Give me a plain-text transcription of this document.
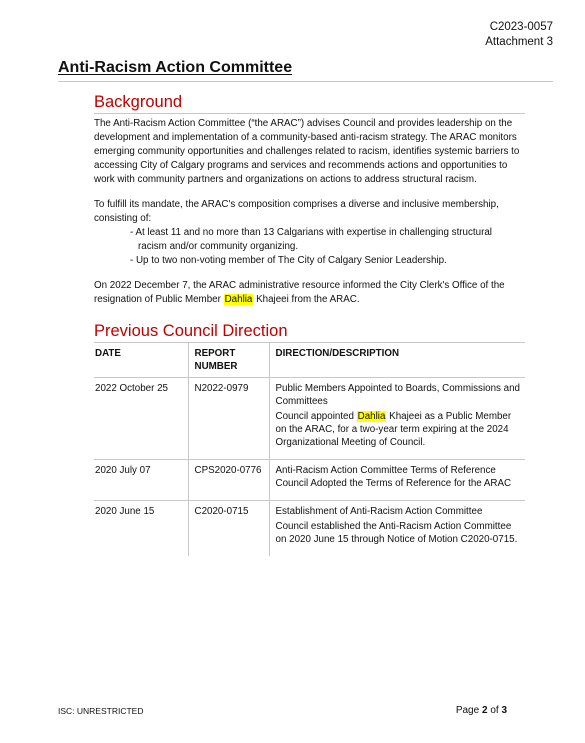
C2023-0057
Attachment 3
Anti-Racism Action Committee
Background

The Anti-Racism Action Committee (“the ARAC”) advises Council and provides leadership on the development and implementation of a community-based anti-racism strategy. The ARAC monitors emerging community opportunities and challenges related to racism, identifies systemic barriers to accessing City of Calgary programs and services and recommends actions and opportunities to work with community partners and organizations on actions to address structural racism.

To fulfill its mandate, the ARAC's composition comprises a diverse and inclusive membership, consisting of:

- At least 11 and no more than 13 Calgarians with expertise in challenging structural
racism and/or community organizing.
- Up to two non-voting member of The City of Calgary Senior Leadership.

On 2022 December 7, the ARAC administrative resource informed the City Clerk's Office of the resignation of Public Member Dahlia Khajeei from the ARAC.

Previous Council Direction
DATE	REPORT NUMBER	DIRECTION/DESCRIPTION
2022 October 25	N2022-0979	Public Members Appointed to Boards, Commissions and Committees
Council appointed Dahlia Khajeei as a Public Member on the ARAC, for a two-year term expiring at the 2024 Organizational Meeting of Council.

2020 July 07	CPS2020-0776	Anti-Racism Action Committee Terms of Reference
Council Adopted the Terms of Reference for the ARAC

2020 June 15	C2020-0715	Establishment of Anti-Racism Action Committee
Council established the Anti-Racism Action Committee on 2020 June 15 through Notice of Motion C2020-0715.
ISC: UNRESTRICTED	Page 2 of 3
